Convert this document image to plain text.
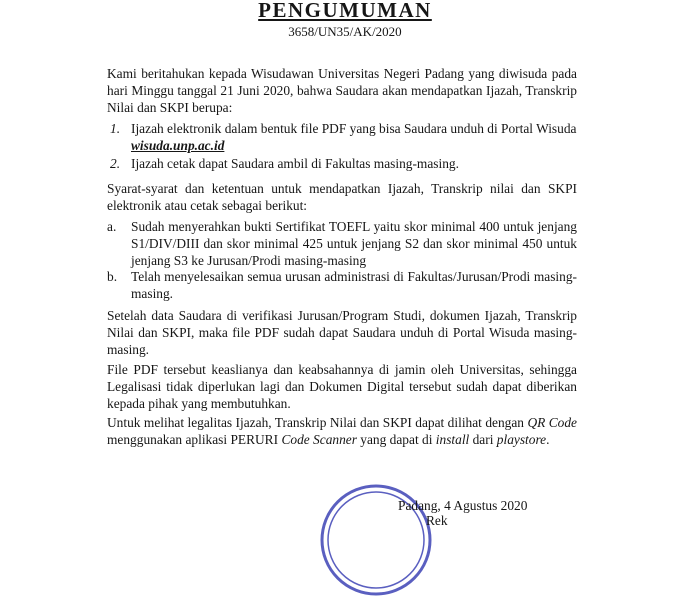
PENGUMUMAN
3658/UN35/AK/2020

Kami beritahukan kepada Wisudawan Universitas Negeri Padang yang diwisuda pada hari Minggu tanggal 21 Juni 2020, bahwa Saudara akan mendapatkan Ijazah, Transkrip Nilai dan SKPI berupa:

1. Ijazah elektronik dalam bentuk file PDF yang bisa Saudara unduh di Portal Wisuda
wisuda.unp.ac.id
2. Ijazah cetak dapat Saudara ambil di Fakultas masing-masing.

Syarat-syarat dan ketentuan untuk mendapatkan Ijazah, Transkrip nilai dan SKPI elektronik atau cetak sebagai berikut:

a. Sudah menyerahkan bukti Sertifikat TOEFL yaitu skor minimal 400 untuk jenjang S1/DIV/DIII dan skor minimal 425 untuk jenjang S2 dan skor minimal 450 untuk jenjang S3 ke Jurusan/Prodi masing-masing
b. Telah menyelesaikan semua urusan administrasi di Fakultas/Jurusan/Prodi masing-masing.

Setelah data Saudara di verifikasi Jurusan/Program Studi, dokumen Ijazah, Transkrip Nilai dan SKPI, maka file PDF sudah dapat Saudara unduh di Portal Wisuda masing-masing.

File PDF tersebut keaslianya dan keabsahannya di jamin oleh Universitas, sehingga Legalisasi tidak diperlukan lagi dan Dokumen Digital tersebut sudah dapat diberikan kepada pihak yang membutuhkan.

Untuk melihat legalitas Ijazah, Transkrip Nilai dan SKPI dapat dilihat dengan QR Code menggunakan aplikasi PERURI Code Scanner yang dapat di install dari playstore.

Padang, 4 Agustus 2020
Rek
